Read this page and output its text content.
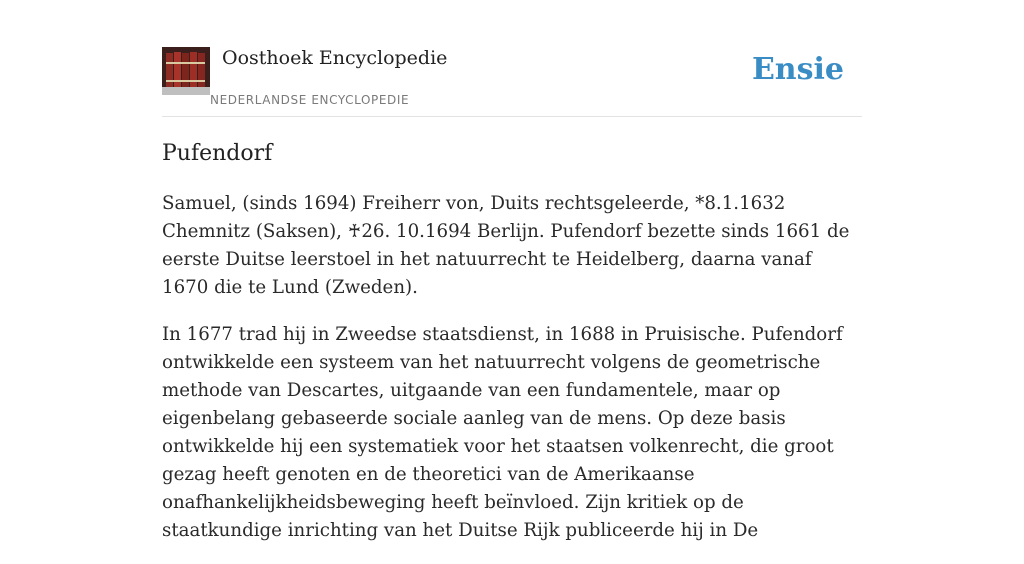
Oosthoek Encyclopedie
NEDERLANDSE ENCYCLOPEDIE
Ensie
Pufendorf

Samuel, (sinds 1694) Freiherr von, Duits rechtsgeleerde, *8.1.1632 Chemnitz (Saksen), ♰26. 10.1694 Berlijn. Pufendorf bezette sinds 1661 de eerste Duitse leerstoel in het natuurrecht te Heidelberg, daarna vanaf 1670 die te Lund (Zweden).

In 1677 trad hij in Zweedse staatsdienst, in 1688 in Pruisische. Pufendorf ontwikkelde een systeem van het natuurrecht volgens de geometrische methode van Descartes, uitgaande van een fundamentele, maar op eigenbelang gebaseerde sociale aanleg van de mens. Op deze basis ontwikkelde hij een systematiek voor het staatsen volkenrecht, die groot gezag heeft genoten en de theoretici van de Amerikaanse onafhankelijkheidsbeweging heeft beïnvloed. Zijn kritiek op de staatkundige inrichting van het Duitse Rijk publiceerde hij in De
